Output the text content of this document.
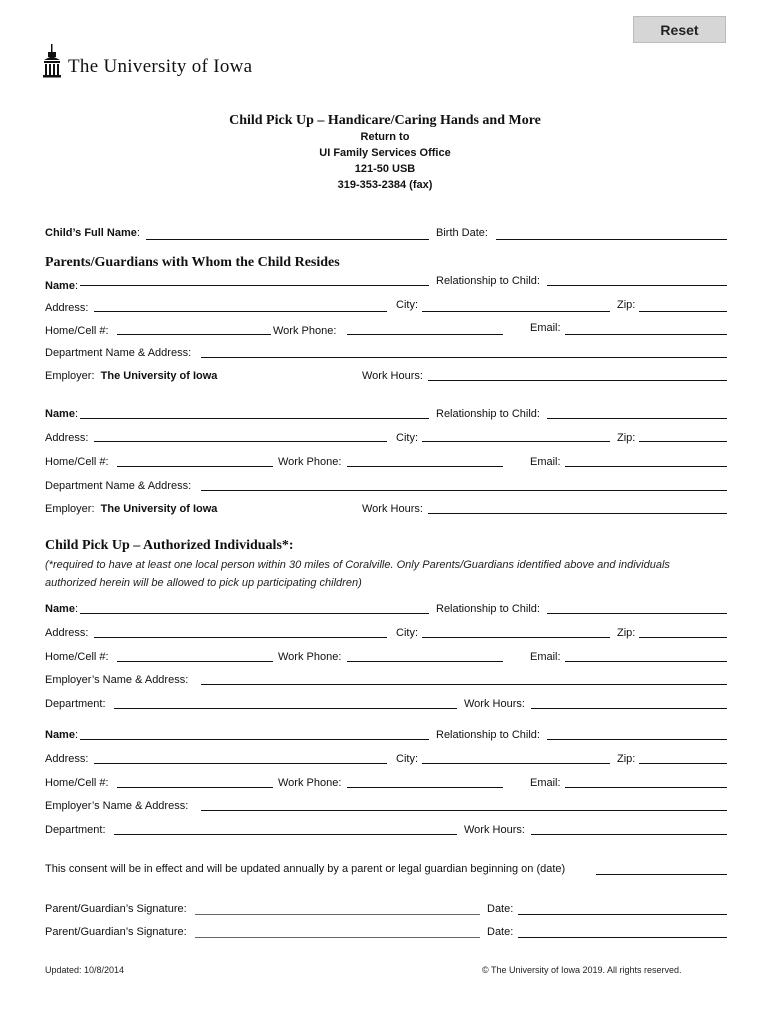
Reset
The University of Iowa
Child Pick Up – Handicare/Caring Hands and More
Return to
UI Family Services Office
121-50 USB
319-353-2384 (fax)
Child’s Full Name:	Birth Date:
Parents/Guardians with Whom the Child Resides
Name:	Relationship to Child:
Address:	City:	Zip:
Home/Cell #:	Work Phone:	Email:
Department Name & Address:
Employer: The University of Iowa	Work Hours:
Name:	Relationship to Child:
Address:	City:	Zip:
Home/Cell #:	Work Phone:	Email:
Department Name & Address:
Employer: The University of Iowa	Work Hours:
Child Pick Up – Authorized Individuals*:
(*required to have at least one local person within 30 miles of Coralville. Only Parents/Guardians identified above and individuals
authorized herein will be allowed to pick up participating children)
Name:	Relationship to Child:
Address:	City:	Zip:
Home/Cell #:	Work Phone:	Email:
Employer’s Name & Address:
Department:	Work Hours:
Name:	Relationship to Child:
Address:	City:	Zip:
Home/Cell #:	Work Phone:	Email:
Employer’s Name & Address:
Department:	Work Hours:
This consent will be in effect and will be updated annually by a parent or legal guardian beginning on (date)
Parent/Guardian’s Signature:	Date:
Parent/Guardian’s Signature:	Date:
Updated: 10/8/2014	© The University of Iowa 2019. All rights reserved.
